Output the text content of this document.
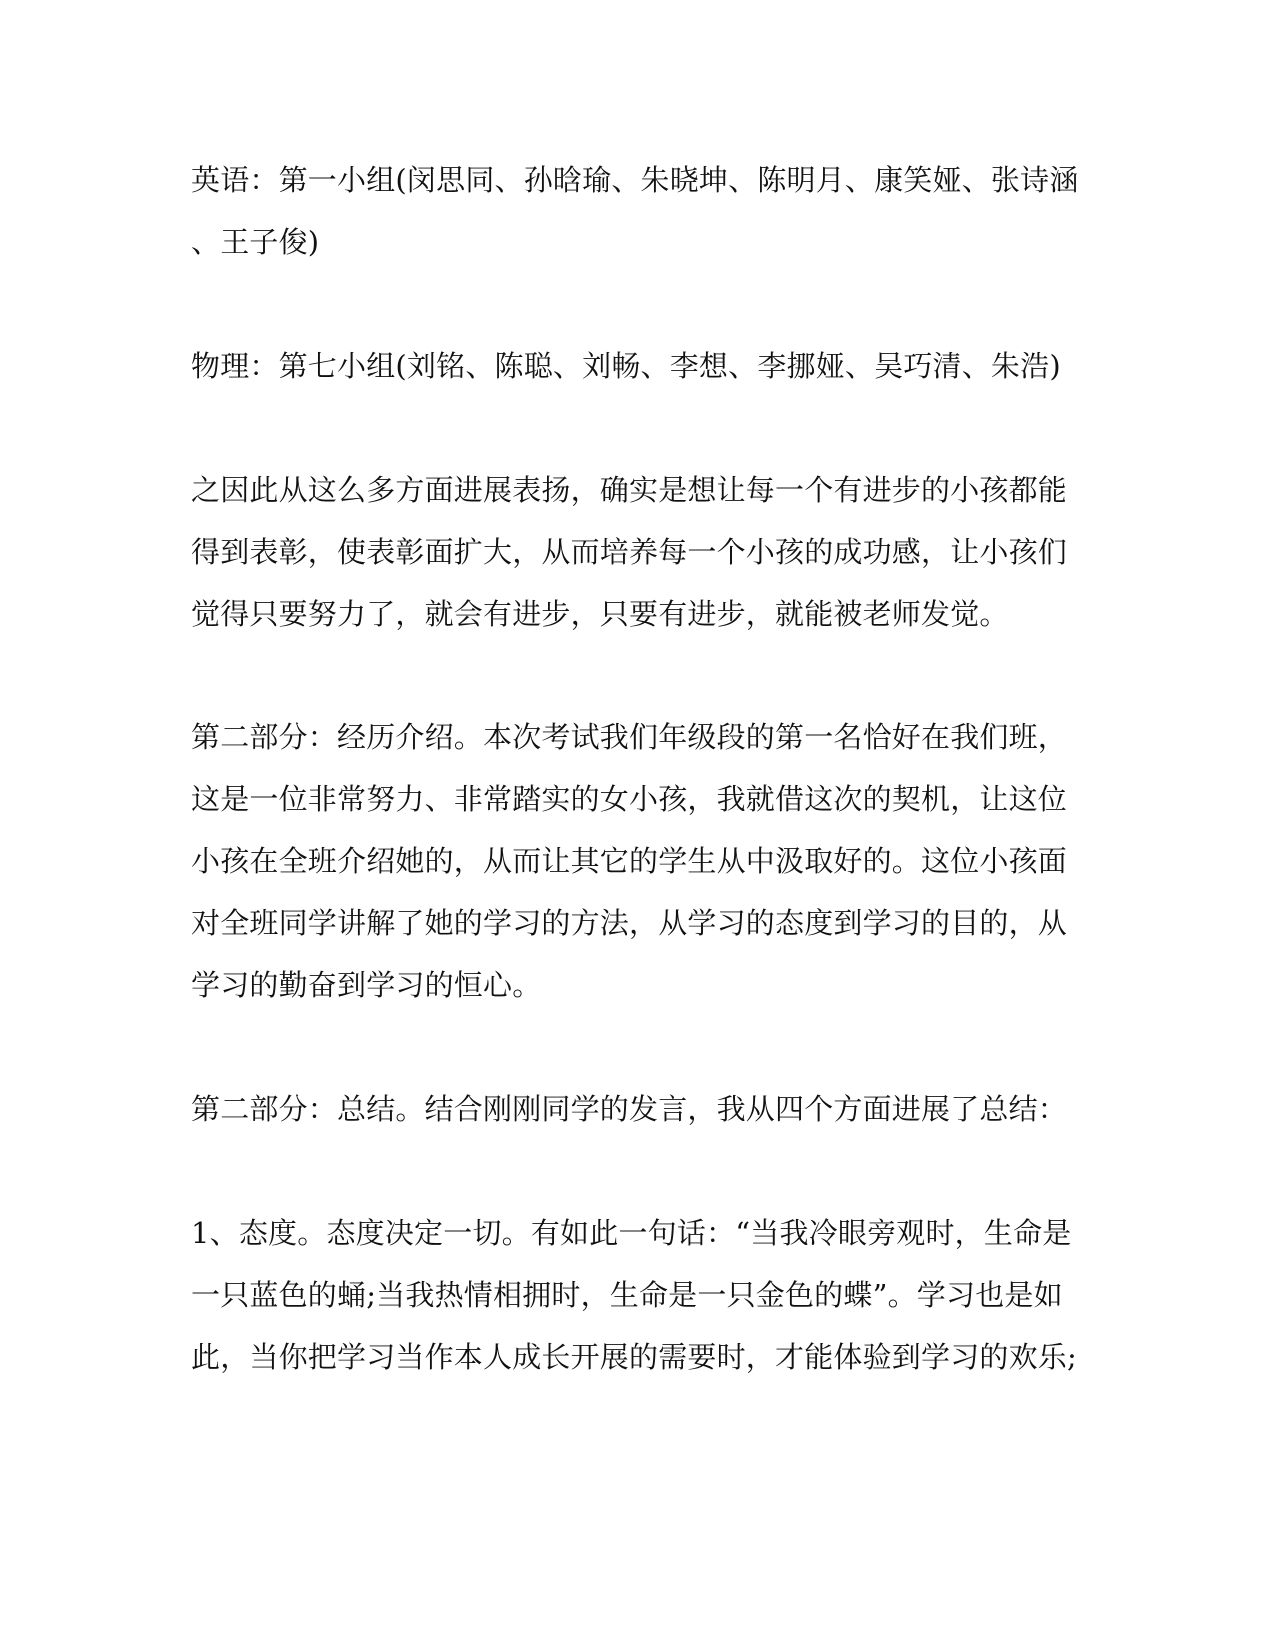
英语：第一小组(闵思同、孙晗瑜、朱晓坤、陈明月、康笑娅、张诗涵
、王子俊)
物理：第七小组(刘铭、陈聪、刘畅、李想、李挪娅、吴巧清、朱浩)
之因此从这么多方面进展表扬，确实是想让每一个有进步的小孩都能
得到表彰，使表彰面扩大，从而培养每一个小孩的成功感，让小孩们
觉得只要努力了，就会有进步，只要有进步，就能被老师发觉。
第二部分：经历介绍。本次考试我们年级段的第一名恰好在我们班，
这是一位非常努力、非常踏实的女小孩，我就借这次的契机，让这位
小孩在全班介绍她的，从而让其它的学生从中汲取好的。这位小孩面
对全班同学讲解了她的学习的方法，从学习的态度到学习的目的，从
学习的勤奋到学习的恒心。
第二部分：总结。结合刚刚同学的发言，我从四个方面进展了总结：
1、态度。态度决定一切。有如此一句话：“当我冷眼旁观时，生命是
一只蓝色的蛹;当我热情相拥时，生命是一只金色的蝶”。学习也是如
此，当你把学习当作本人成长开展的需要时，才能体验到学习的欢乐;
